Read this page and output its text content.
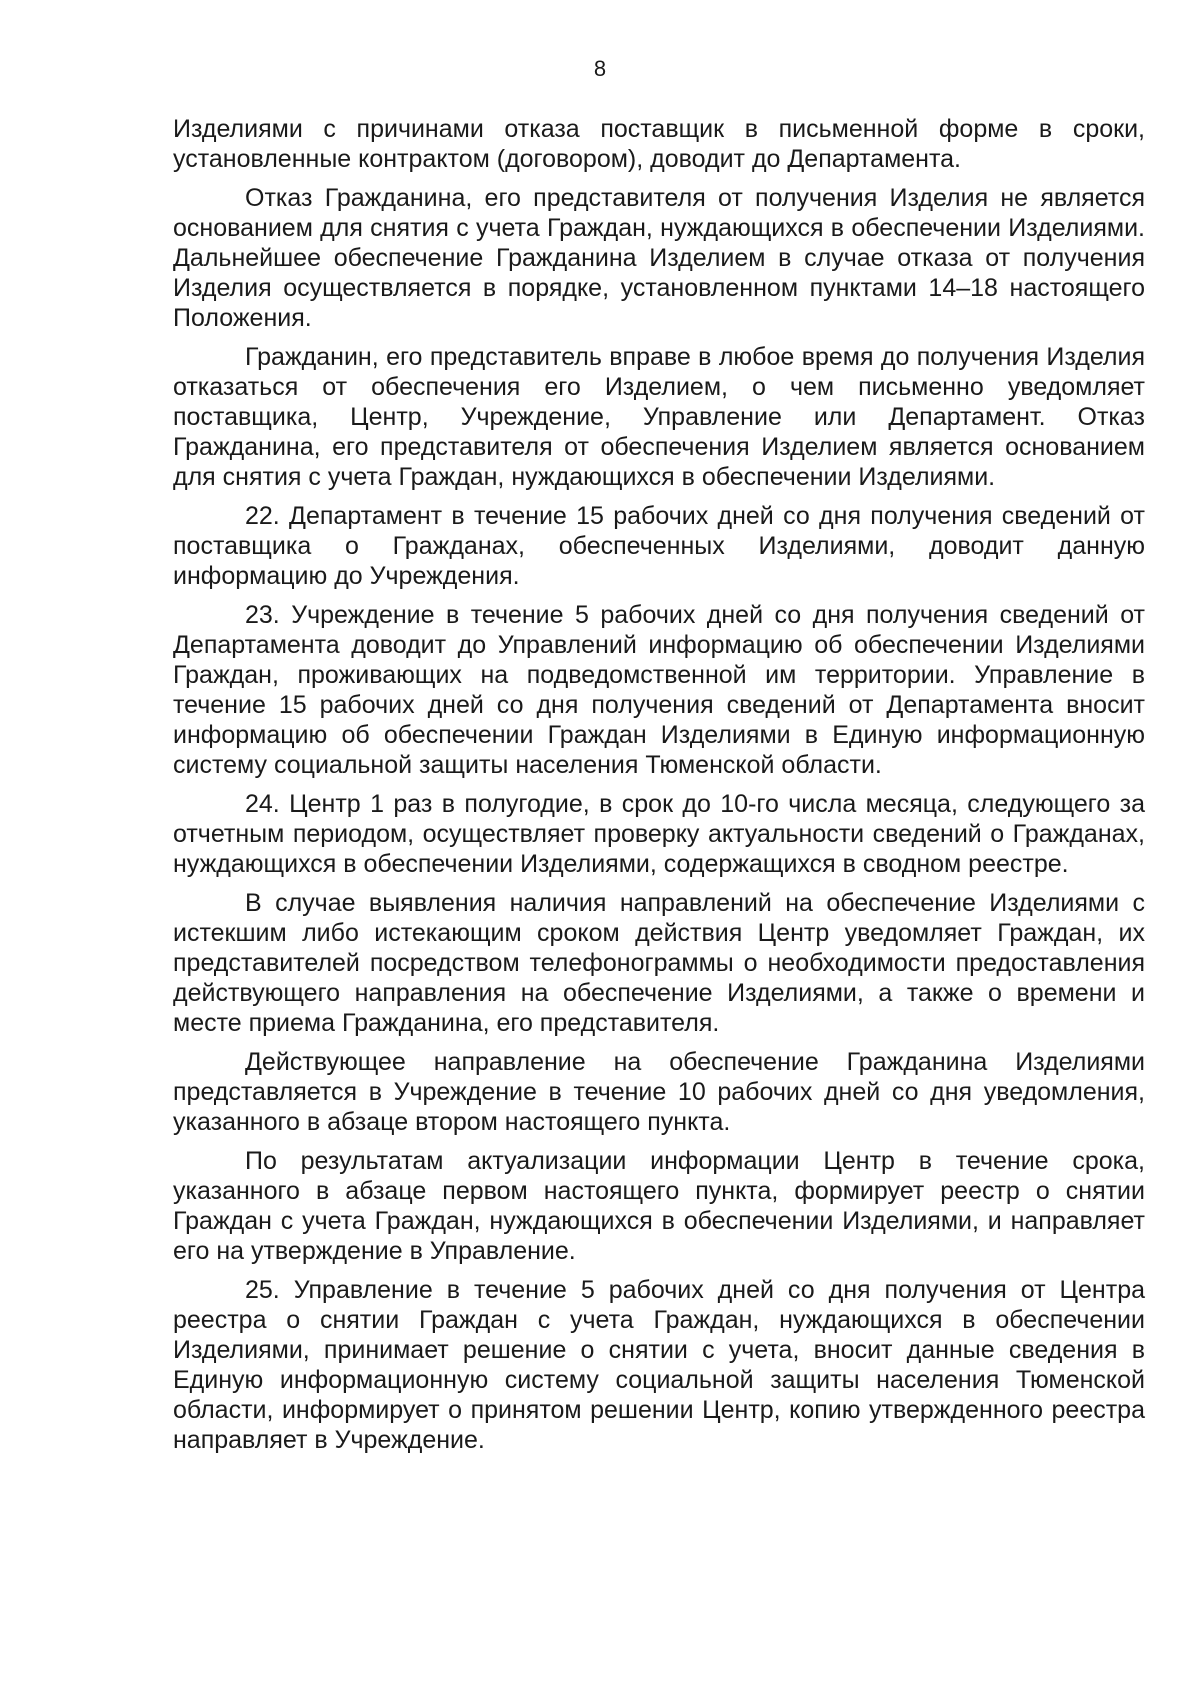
8

Изделиями с причинами отказа поставщик в письменной форме в сроки, установленные контрактом (договором), доводит до Департамента.

Отказ Гражданина, его представителя от получения Изделия не является основанием для снятия с учета Граждан, нуждающихся в обеспечении Изделиями. Дальнейшее обеспечение Гражданина Изделием в случае отказа от получения Изделия осуществляется в порядке, установленном пунктами 14–18 настоящего Положения.

Гражданин, его представитель вправе в любое время до получения Изделия отказаться от обеспечения его Изделием, о чем письменно уведомляет поставщика, Центр, Учреждение, Управление или Департамент. Отказ Гражданина, его представителя от обеспечения Изделием является основанием для снятия с учета Граждан, нуждающихся в обеспечении Изделиями.

22. Департамент в течение 15 рабочих дней со дня получения сведений от поставщика о Гражданах, обеспеченных Изделиями, доводит данную информацию до Учреждения.

23. Учреждение в течение 5 рабочих дней со дня получения сведений от Департамента доводит до Управлений информацию об обеспечении Изделиями Граждан, проживающих на подведомственной им территории. Управление в течение 15 рабочих дней со дня получения сведений от Департамента вносит информацию об обеспечении Граждан Изделиями в Единую информационную систему социальной защиты населения Тюменской области.

24. Центр 1 раз в полугодие, в срок до 10-го числа месяца, следующего за отчетным периодом, осуществляет проверку актуальности сведений о Гражданах, нуждающихся в обеспечении Изделиями, содержащихся в сводном реестре.

В случае выявления наличия направлений на обеспечение Изделиями с истекшим либо истекающим сроком действия Центр уведомляет Граждан, их представителей посредством телефонограммы о необходимости предоставления действующего направления на обеспечение Изделиями, а также о времени и месте приема Гражданина, его представителя.

Действующее направление на обеспечение Гражданина Изделиями представляется в Учреждение в течение 10 рабочих дней со дня уведомления, указанного в абзаце втором настоящего пункта.

По результатам актуализации информации Центр в течение срока, указанного в абзаце первом настоящего пункта, формирует реестр о снятии Граждан с учета Граждан, нуждающихся в обеспечении Изделиями, и направляет его на утверждение в Управление.

25. Управление в течение 5 рабочих дней со дня получения от Центра реестра о снятии Граждан с учета Граждан, нуждающихся в обеспечении Изделиями, принимает решение о снятии с учета, вносит данные сведения в Единую информационную систему социальной защиты населения Тюменской области, информирует о принятом решении Центр, копию утвержденного реестра направляет в Учреждение.
